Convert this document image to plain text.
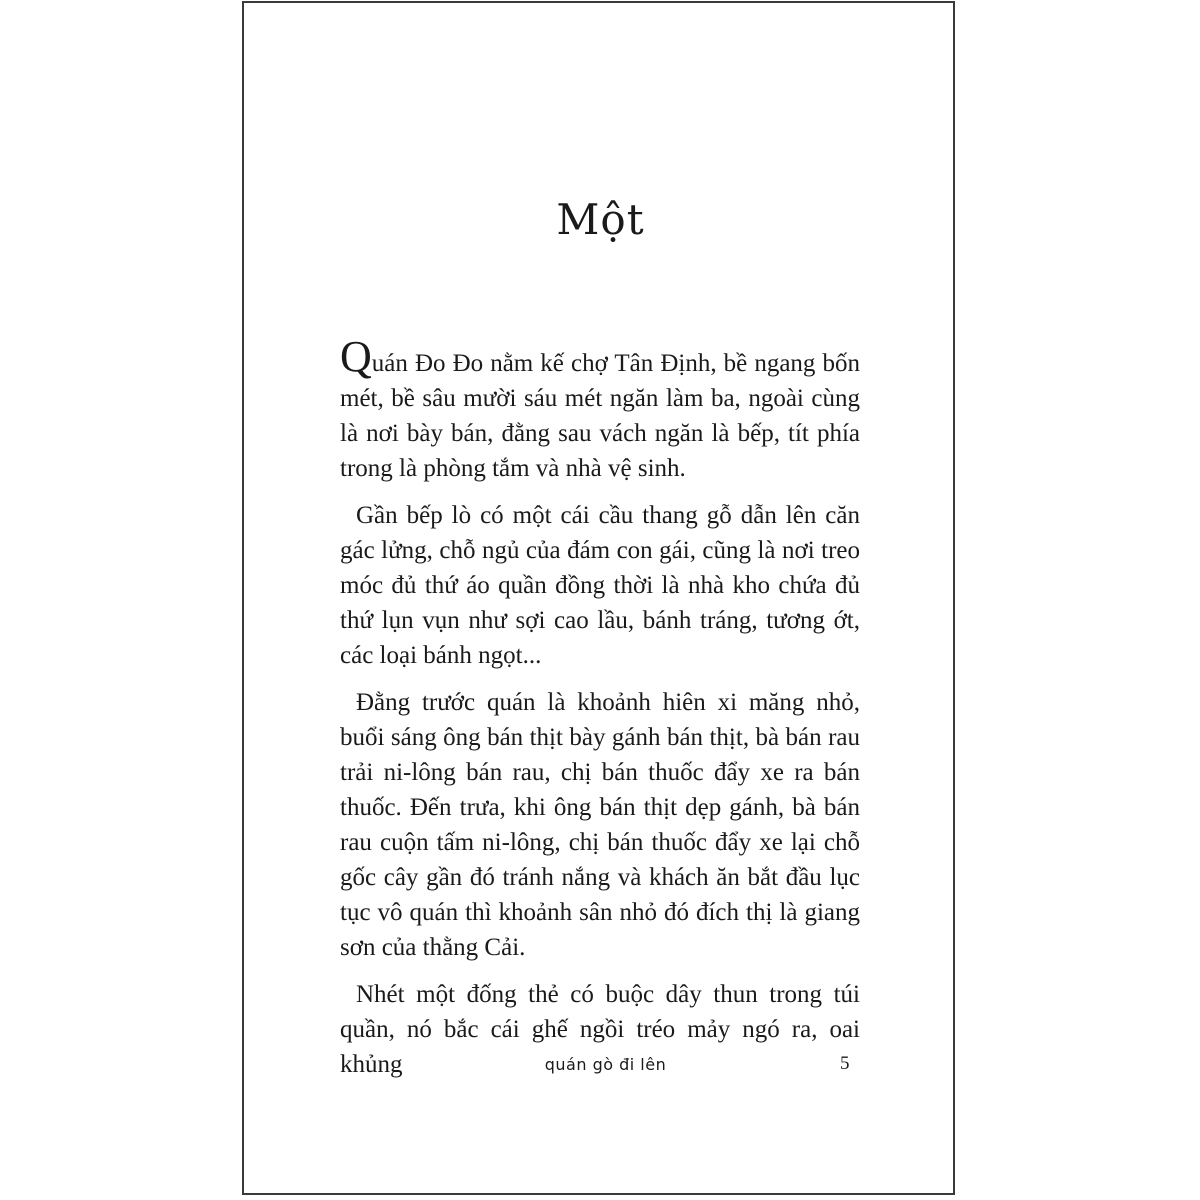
Một

Quán Đo Đo nằm kế chợ Tân Định, bề ngang bốn
mét, bề sâu mười sáu mét ngăn làm ba, ngoài cùng
là nơi bày bán, đằng sau vách ngăn là bếp, tít phía
trong là phòng tắm và nhà vệ sinh.

Gần bếp lò có một cái cầu thang gỗ dẫn lên căn
gác lửng, chỗ ngủ của đám con gái, cũng là nơi treo
móc đủ thứ áo quần đồng thời là nhà kho chứa đủ
thứ lụn vụn như sợi cao lầu, bánh tráng, tương ớt,
các loại bánh ngọt...

Đằng trước quán là khoảnh hiên xi măng nhỏ,
buổi sáng ông bán thịt bày gánh bán thịt, bà bán rau
trải ni-lông bán rau, chị bán thuốc đẩy xe ra bán
thuốc. Đến trưa, khi ông bán thịt dẹp gánh, bà bán
rau cuộn tấm ni-lông, chị bán thuốc đẩy xe lại chỗ
gốc cây gần đó tránh nắng và khách ăn bắt đầu lục
tục vô quán thì khoảnh sân nhỏ đó đích thị là giang
sơn của thằng Cải.

Nhét một đống thẻ có buộc dây thun trong túi
quần, nó bắc cái ghế ngồi tréo mảy ngó ra, oai khủng	quán gò đi lên	5
